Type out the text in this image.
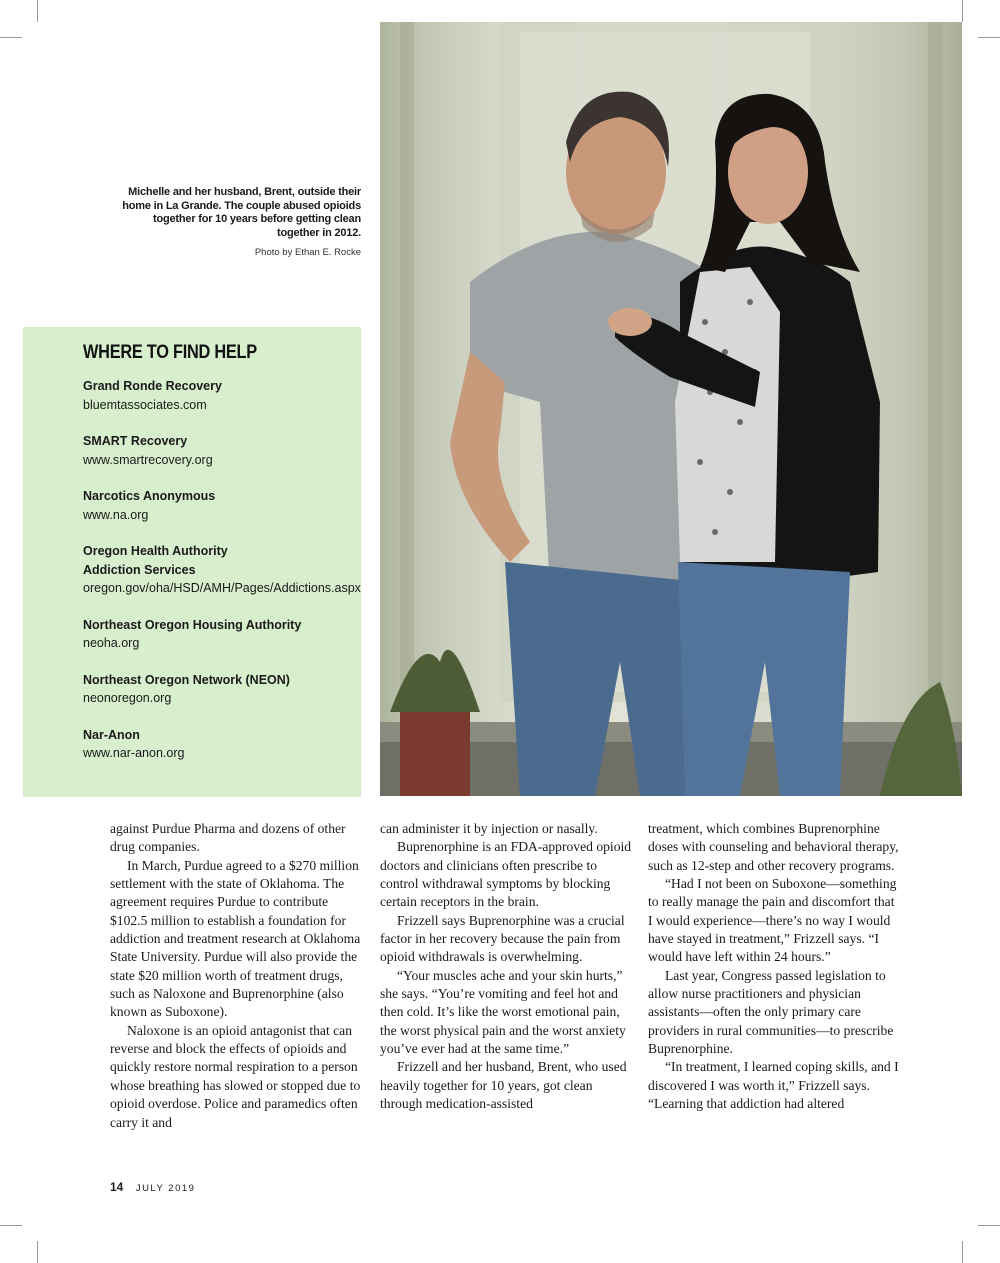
Michelle and her husband, Brent, outside their home in La Grande. The couple abused opioids together for 10 years before getting clean together in 2012.
Photo by Ethan E. Rocke
WHERE TO FIND HELP
Grand Ronde Recovery
bluemtassociates.com
SMART Recovery
www.smartrecovery.org
Narcotics Anonymous
www.na.org
Oregon Health Authority Addiction Services
oregon.gov/oha/HSD/AMH/Pages/Addictions.aspx
Northeast Oregon Housing Authority
neoha.org
Northeast Oregon Network (NEON)
neonoregon.org
Nar-Anon
www.nar-anon.org

against Purdue Pharma and dozens of other drug companies.

In March, Purdue agreed to a $270 million settlement with the state of Oklahoma. The agreement requires Purdue to contribute $102.5 million to establish a foundation for addiction and treatment research at Oklahoma State University. Purdue will also provide the state $20 million worth of treatment drugs, such as Naloxone and Buprenorphine (also known as Suboxone).

Naloxone is an opioid antagonist that can reverse and block the effects of opioids and quickly restore normal respiration to a person whose breathing has slowed or stopped due to opioid overdose. Police and paramedics often carry it and

can administer it by injection or nasally.

Buprenorphine is an FDA-approved opioid doctors and clinicians often prescribe to control withdrawal symptoms by blocking certain receptors in the brain.

Frizzell says Buprenorphine was a crucial factor in her recovery because the pain from opioid withdrawals is overwhelming.

“Your muscles ache and your skin hurts,” she says. “You’re vomiting and feel hot and then cold. It’s like the worst emotional pain, the worst physical pain and the worst anxiety you’ve ever had at the same time.”

Frizzell and her husband, Brent, who used heavily together for 10 years, got clean through medication-assisted

treatment, which combines Buprenorphine doses with counseling and behavioral therapy, such as 12-step and other recovery programs.

“Had I not been on Suboxone—something to really manage the pain and discomfort that I would experience—there’s no way I would have stayed in treatment,” Frizzell says. “I would have left within 24 hours.”

Last year, Congress passed legislation to allow nurse practitioners and physician assistants—often the only primary care providers in rural communities—to prescribe Buprenorphine.

“In treatment, I learned coping skills, and I discovered I was worth it,” Frizzell says. “Learning that addiction had altered

14 JULY 2019
